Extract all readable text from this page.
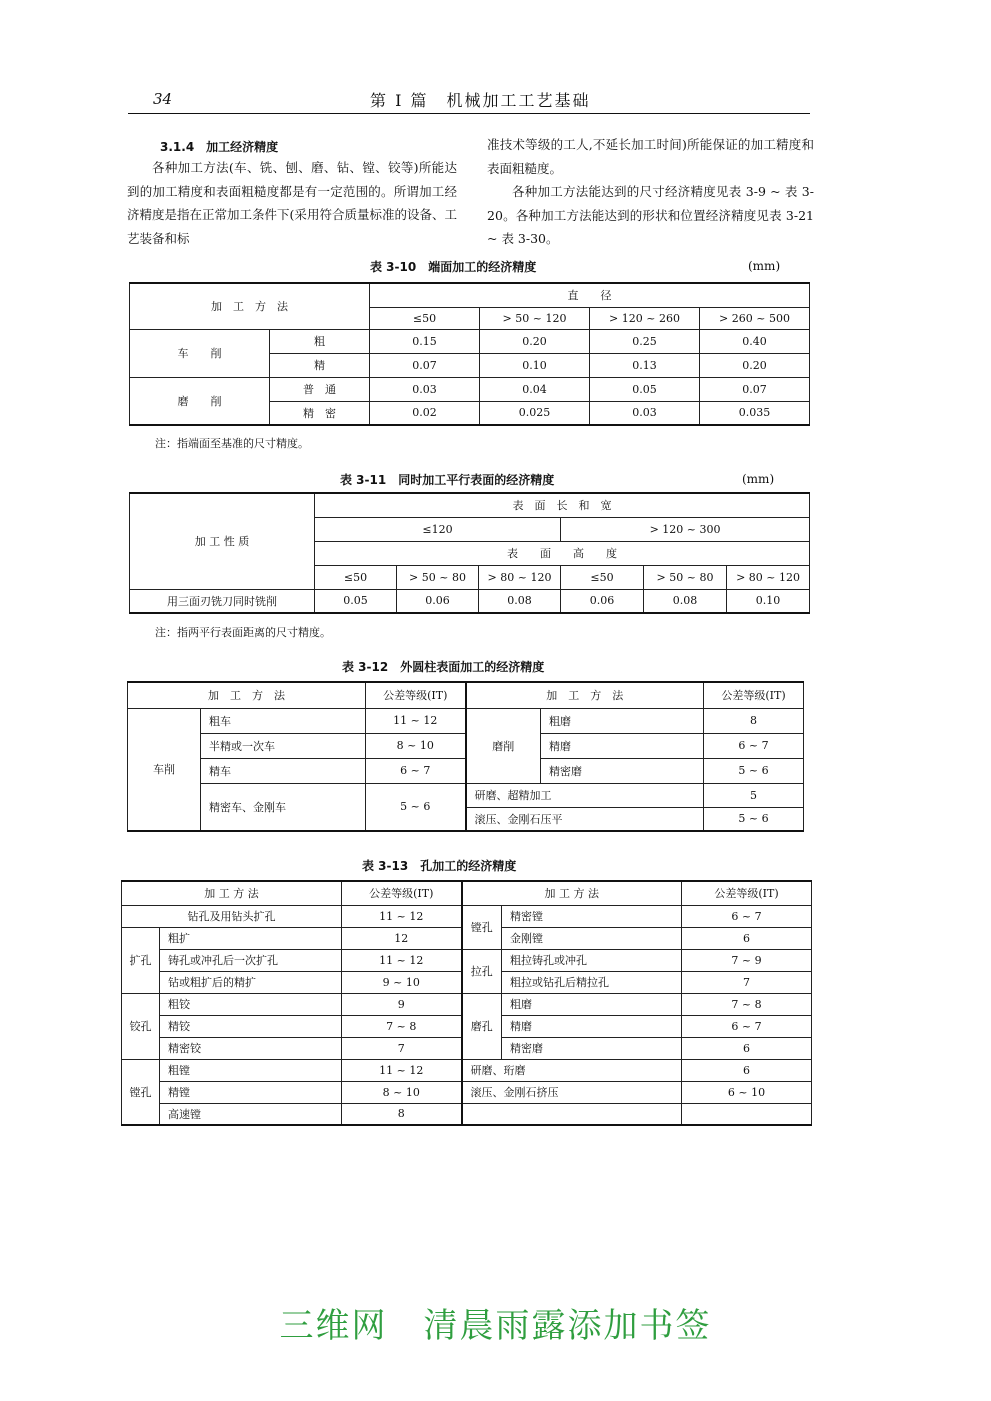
34	第 I 篇　机械加工工艺基础
3.1.4　加工经济精度

各种加工方法(车、铣、刨、磨、钻、镗、铰等)所能达到的加工精度和表面粗糙度都是有一定范围的。所谓加工经济精度是指在正常加工条件下(采用符合质量标准的设备、工艺装备和标

准技术等级的工人,不延长加工时间)所能保证的加工精度和表面粗糙度。

各种加工方法能达到的尺寸经济精度见表 3-9 ~ 表 3-20。各种加工方法能达到的形状和位置经济精度见表 3-21 ~ 表 3-30。

表 3-10　端面加工的经济精度	(mm)
加　工　方　法		直　　径			
		≤50	> 50 ~ 120	> 120 ~ 260	> 260 ~ 500
车　　削	粗	0.15	0.20	0.25	0.40
	精	0.07	0.10	0.13	0.20
磨　　削	普　通	0.03	0.04	0.05	0.07
	精　密	0.02	0.025	0.03	0.035
注：指端面至基准的尺寸精度。
表 3-11　同时加工平行表面的经济精度	(mm)
加 工 性 质	表　面　长　和　宽					
	≤120			> 120 ~ 300		
	表　　面　　高　　度					
	≤50	> 50 ~ 80	> 80 ~ 120	≤50	> 50 ~ 80	> 80 ~ 120
用三面刃铣刀同时铣削	0.05	0.06	0.08	0.06	0.08	0.10
注：指两平行表面距离的尺寸精度。
表 3-12　外圆柱表面加工的经济精度
加　工　方　法		公差等级(IT)	加　工　方　法		公差等级(IT)
车削	粗车	11 ~ 12	磨削	粗磨	8
	半精或一次车	8 ~ 10		精磨	6 ~ 7
	精车	6 ~ 7		精密磨	5 ~ 6
	精密车、金刚车	5 ~ 6	研磨、超精加工		5
			滚压、金刚石压平		5 ~ 6
表 3-13　孔加工的经济精度
加 工 方 法		公差等级(IT)	加 工 方 法		公差等级(IT)
钻孔及用钻头扩孔		11 ~ 12	镗孔	精密镗	6 ~ 7
扩孔	粗扩	12		金刚镗	6
	铸孔或冲孔后一次扩孔	11 ~ 12	拉孔	粗拉铸孔或冲孔	7 ~ 9
	钻或粗扩后的精扩	9 ~ 10		粗拉或钻孔后精拉孔	7
铰孔	粗铰	9	磨孔	粗磨	7 ~ 8
	精铰	7 ~ 8		精磨	6 ~ 7
	精密铰	7		精密磨	6
镗孔	粗镗	11 ~ 12	研磨、珩磨		6
	精镗	8 ~ 10	滚压、金刚石挤压		6 ~ 10
	高速镗	8			
三维网　清晨雨露添加书签
